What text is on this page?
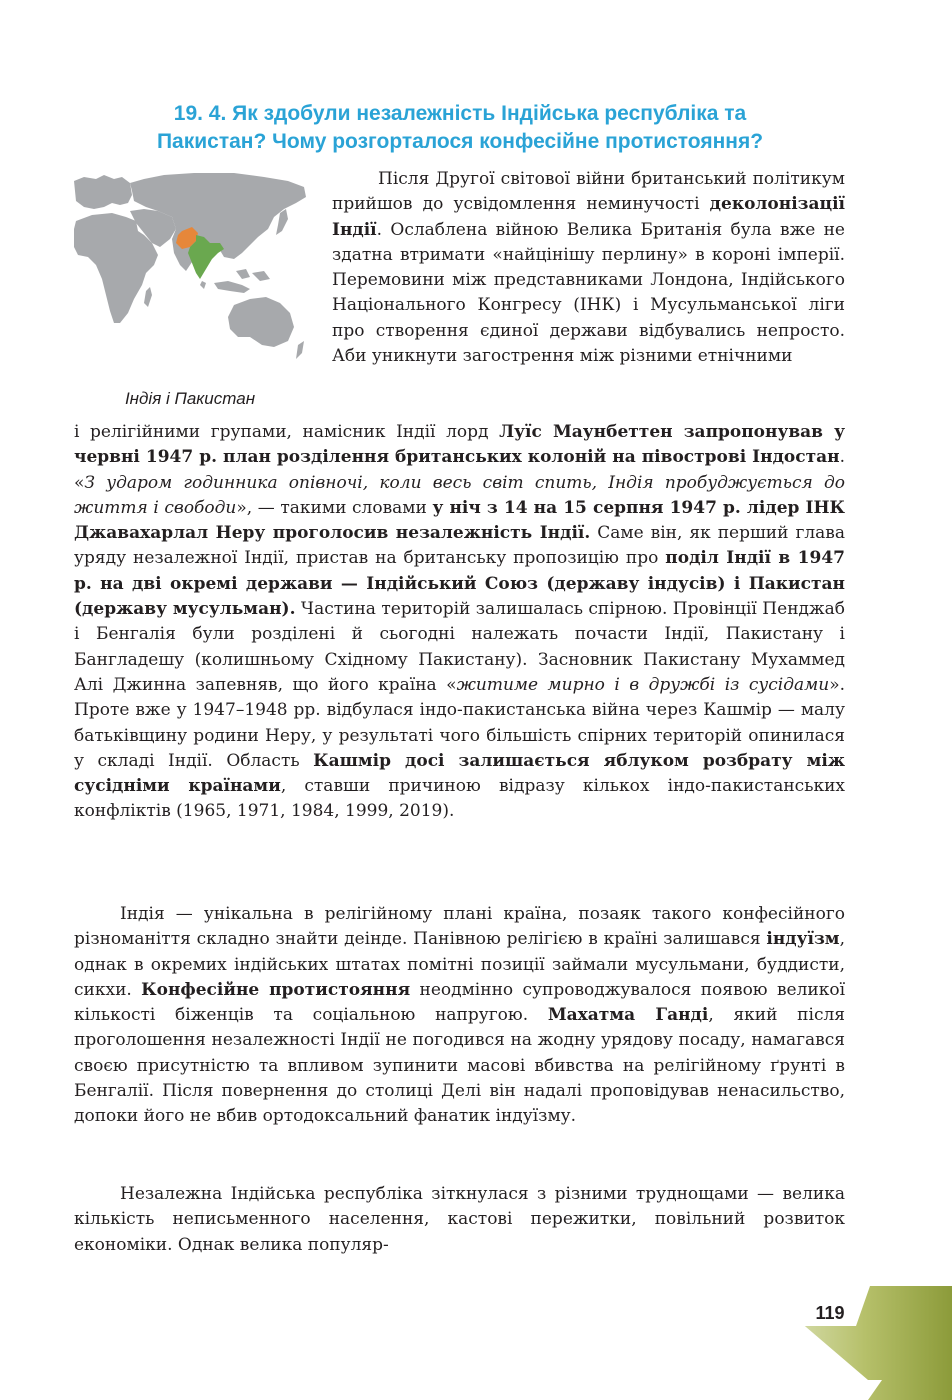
19. 4. Як здобули незалежність Індійська республіка та
Пакистан? Чому розгорталося конфесійне протистояння?
Індія і Пакистан

Після Другої світової війни британський політикум прийшов до усвідомлення неминучості деколонізації Індії. Ослаблена війною Велика Британія була вже не здатна втримати «найцінішу перлину» в короні імперії. Перемовини між представниками Лондона, Індійського Національного Конгресу (ІНК) і Мусульманської ліги про створення єдиної держави відбувались непросто. Аби уникнути загострення між різними етнічними

і релігійними групами, намісник Індії лорд Луїс Маунбеттен запропонував у червні 1947 р. план розділення британських колоній на півострові Індостан. «З ударом годинника опівночі, коли весь світ спить, Індія пробуджується до життя і свободи», — такими словами у ніч з 14 на 15 серпня 1947 р. лідер ІНК Джавахарлал Неру проголосив незалежність Індії. Саме він, як перший глава уряду незалежної Індії, пристав на британську пропозицію про поділ Індії в 1947 р. на дві окремі держави — Індійський Союз (державу індусів) і Пакистан (державу мусульман). Частина територій залишалась спірною. Провінції Пенджаб і Бенгалія були розділені й сьогодні належать почасти Індії, Пакистану і Бангладешу (колишньому Східному Пакистану). Засновник Пакистану Мухаммед Алі Джинна запевняв, що його країна «житиме мирно і в дружбі із сусідами». Проте вже у 1947–1948 рр. відбулася індо-пакистанська війна через Кашмір — малу батьківщину родини Неру, у результаті чого більшість спірних територій опинилася у складі Індії. Область Кашмір досі залишається яблуком розбрату між сусідніми країнами, ставши причиною відразу кількох індо-пакистанських конфліктів (1965, 1971, 1984, 1999, 2019).

Індія — унікальна в релігійному плані країна, позаяк такого конфесійного різноманіття складно знайти деінде. Панівною релігією в країні залишався індуїзм, однак в окремих індійських штатах помітні позиції займали мусульмани, буддисти, сикхи. Конфесійне протистояння неодмінно супроводжувалося появою великої кількості біженців та соціальною напругою. Махатма Ганді, який після проголошення незалежності Індії не погодився на жодну урядову посаду, намагався своєю присутністю та впливом зупинити масові вбивства на релігійному ґрунті в Бенгалії. Після повернення до столиці Делі він надалі проповідував ненасильство, допоки його не вбив ортодоксальний фанатик індуїзму.

Незалежна Індійська республіка зіткнулася з різними труднощами — велика кількість неписьменного населення, кастові пережитки, повільний розвиток економіки. Однак велика популяр-

119
